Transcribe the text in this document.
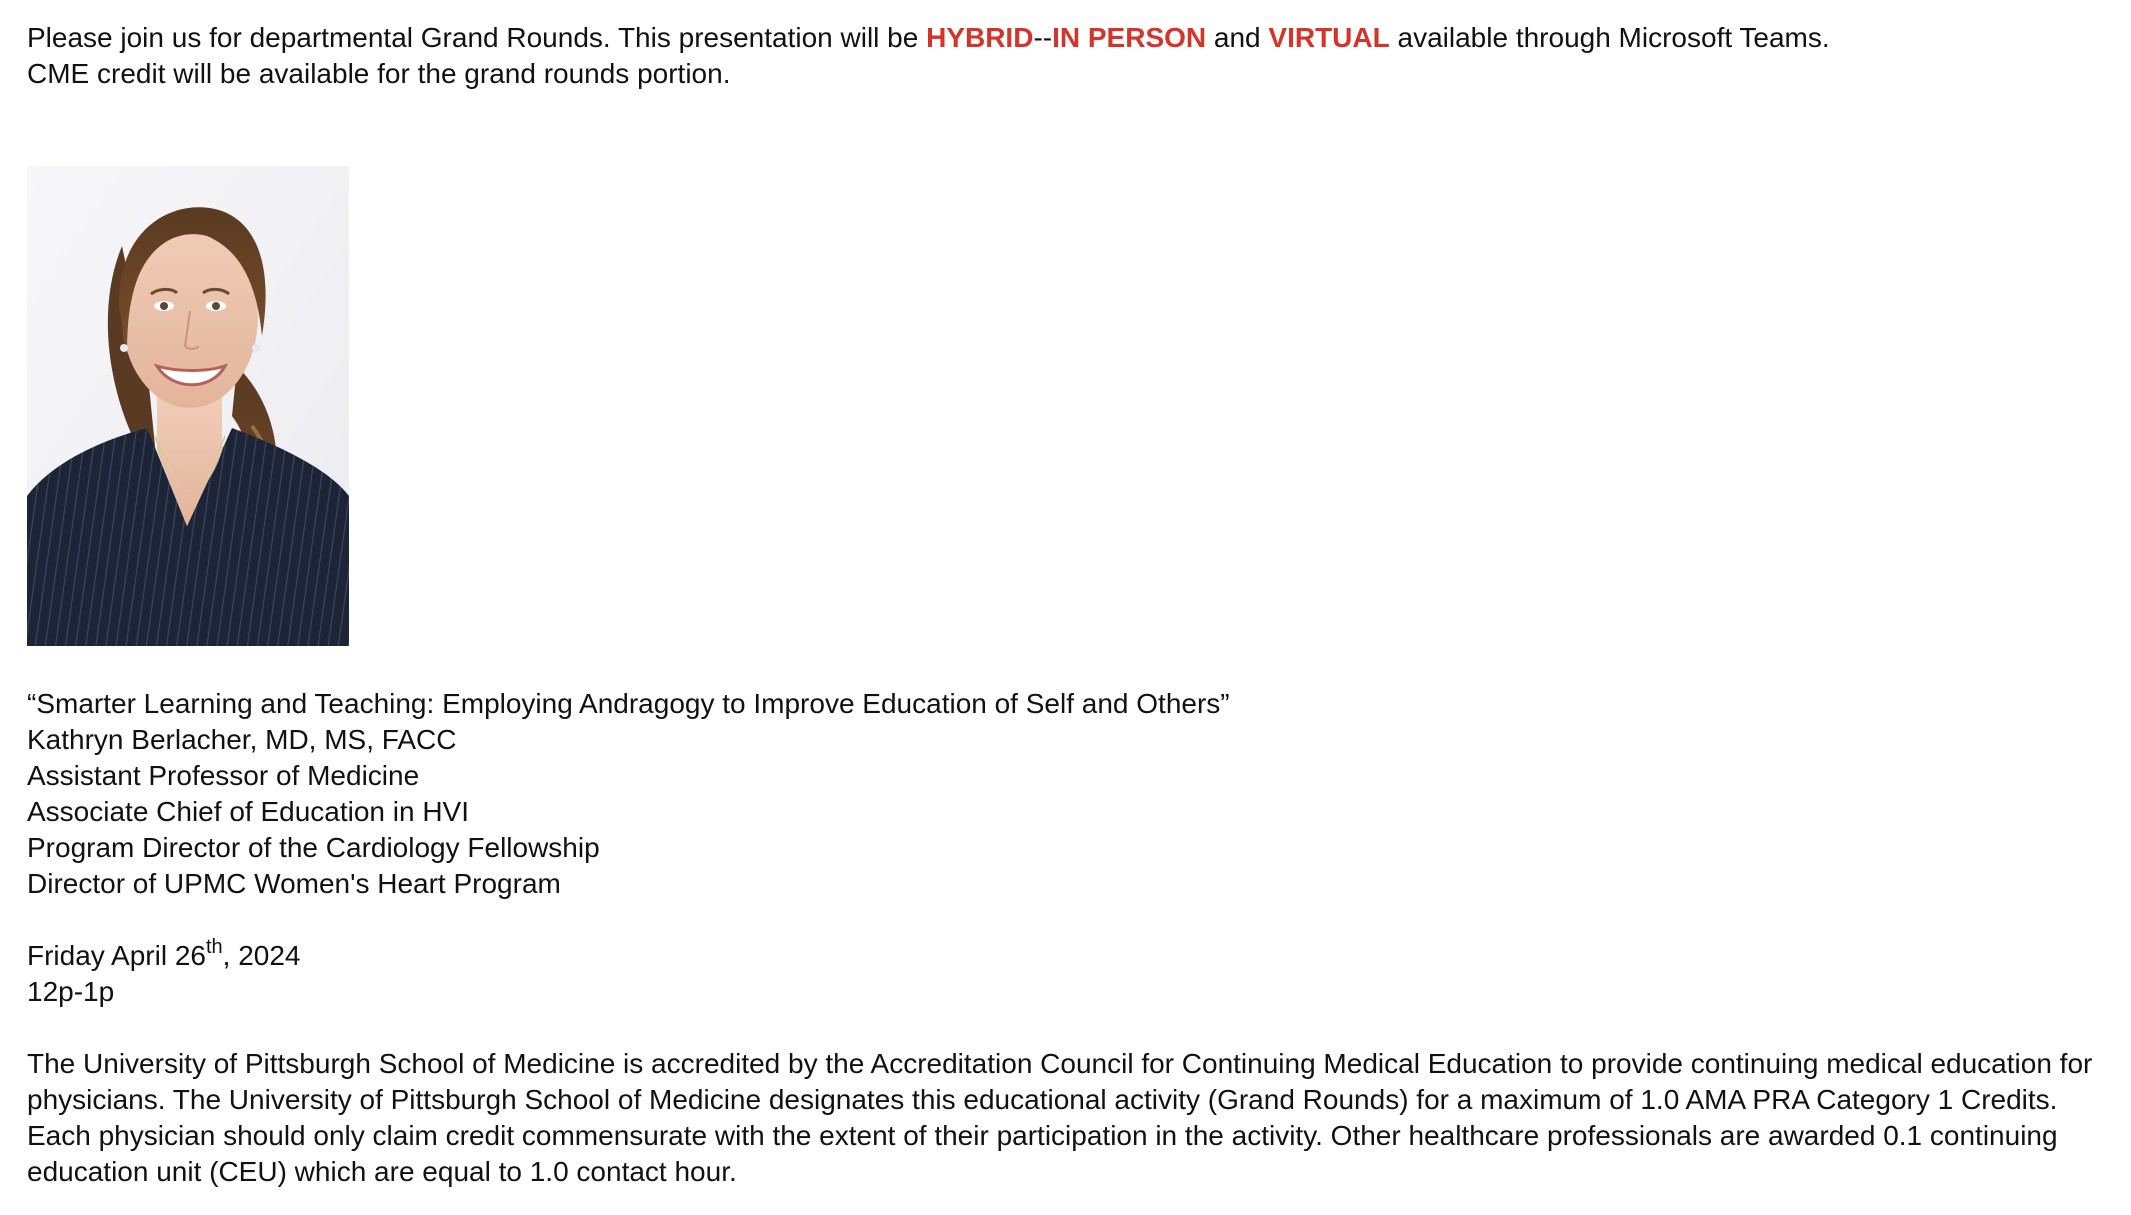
Please join us for departmental Grand Rounds. This presentation will be HYBRID--IN PERSON and VIRTUAL available through Microsoft Teams.

CME credit will be available for the grand rounds portion.

“Smarter Learning and Teaching: Employing Andragogy to Improve Education of Self and Others”

Kathryn Berlacher, MD, MS, FACC

Assistant Professor of Medicine

Associate Chief of Education in HVI

Program Director of the Cardiology Fellowship

Director of UPMC Women's Heart Program

Friday April 26th, 2024

12p-1p

The University of Pittsburgh School of Medicine is accredited by the Accreditation Council for Continuing Medical Education to provide continuing medical education for physicians. The University of Pittsburgh School of Medicine designates this educational activity (Grand Rounds) for a maximum of 1.0 AMA PRA Category 1 Credits. Each physician should only claim credit commensurate with the extent of their participation in the activity. Other healthcare professionals are awarded 0.1 continuing education unit (CEU) which are equal to 1.0 contact hour.
